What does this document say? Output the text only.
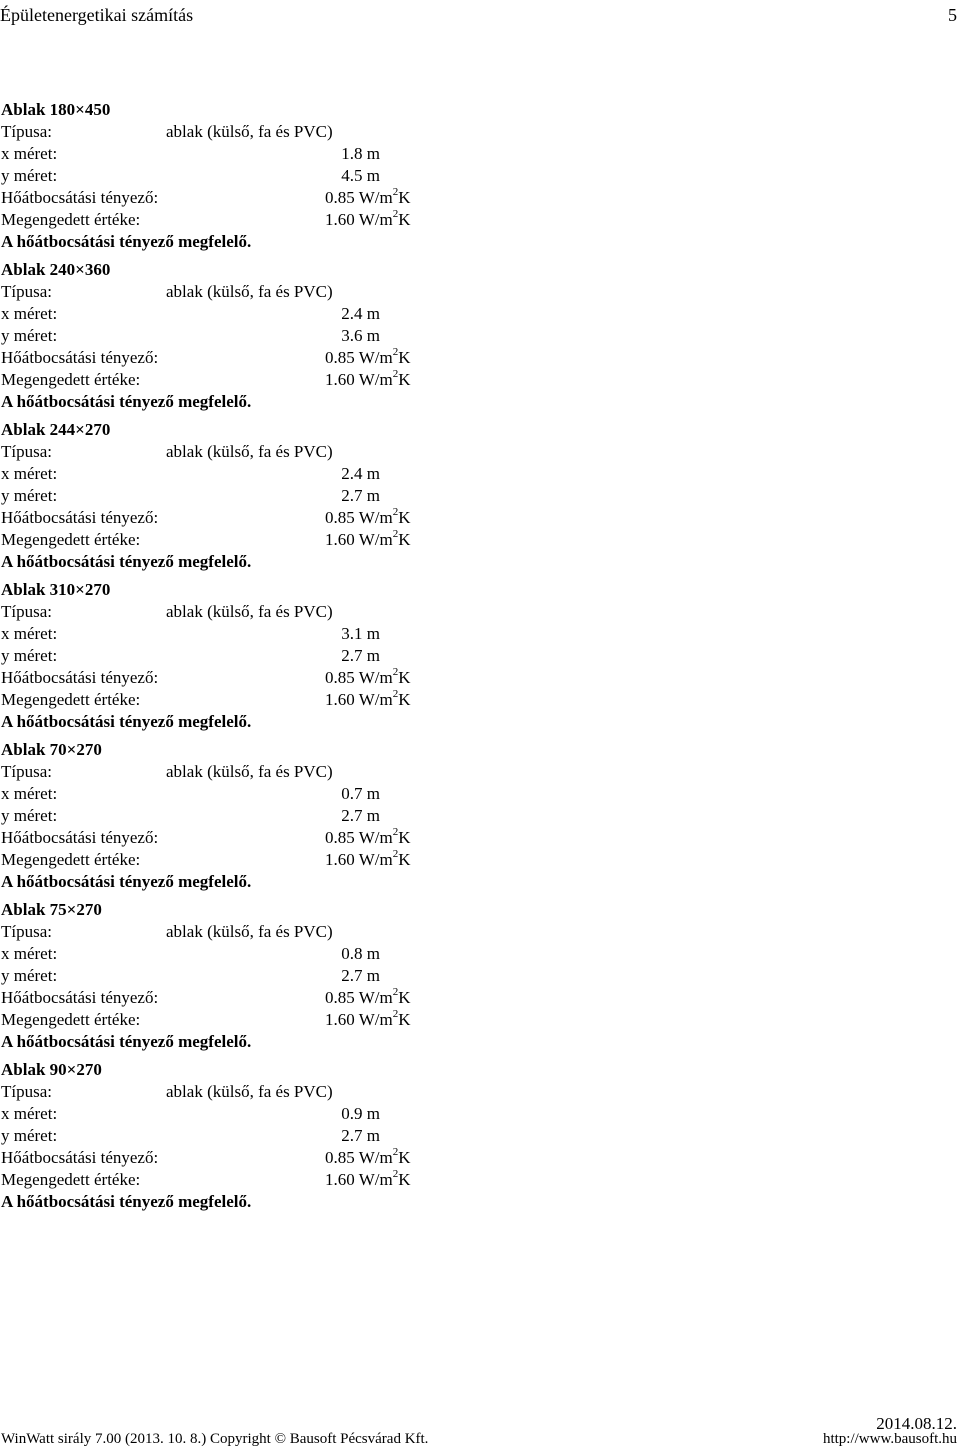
Épületenergetikai számítás	5
Ablak 180×450
Típusa:	ablak (külső, fa és PVC)
x méret:	1.8 m
y méret:	4.5 m
Hőátbocsátási tényező:	0.85 $W/m^2K$
Megengedett értéke:	1.60 $W/m^2K$
A hőátbocsátási tényező megfelelő.
Ablak 240×360
Típusa:	ablak (külső, fa és PVC)
x méret:	2.4 m
y méret:	3.6 m
Hőátbocsátási tényező:	0.85 $W/m^2K$
Megengedett értéke:	1.60 $W/m^2K$
A hőátbocsátási tényező megfelelő.
Ablak 244×270
Típusa:	ablak (külső, fa és PVC)
x méret:	2.4 m
y méret:	2.7 m
Hőátbocsátási tényező:	0.85 $W/m^2K$
Megengedett értéke:	1.60 $W/m^2K$
A hőátbocsátási tényező megfelelő.
Ablak 310×270
Típusa:	ablak (külső, fa és PVC)
x méret:	3.1 m
y méret:	2.7 m
Hőátbocsátási tényező:	0.85 $W/m^2K$
Megengedett értéke:	1.60 $W/m^2K$
A hőátbocsátási tényező megfelelő.
Ablak 70×270
Típusa:	ablak (külső, fa és PVC)
x méret:	0.7 m
y méret:	2.7 m
Hőátbocsátási tényező:	0.85 $W/m^2K$
Megengedett értéke:	1.60 $W/m^2K$
A hőátbocsátási tényező megfelelő.
Ablak 75×270
Típusa:	ablak (külső, fa és PVC)
x méret:	0.8 m
y méret:	2.7 m
Hőátbocsátási tényező:	0.85 $W/m^2K$
Megengedett értéke:	1.60 $W/m^2K$
A hőátbocsátási tényező megfelelő.
Ablak 90×270
Típusa:	ablak (külső, fa és PVC)
x méret:	0.9 m
y méret:	2.7 m
Hőátbocsátási tényező:	0.85 $W/m^2K$
Megengedett értéke:	1.60 $W/m^2K$
A hőátbocsátási tényező megfelelő.
2014.08.12.
WinWatt sirály 7.00 (2013. 10. 8.) Copyright © Bausoft Pécsvárad Kft.	http://www.bausoft.hu
